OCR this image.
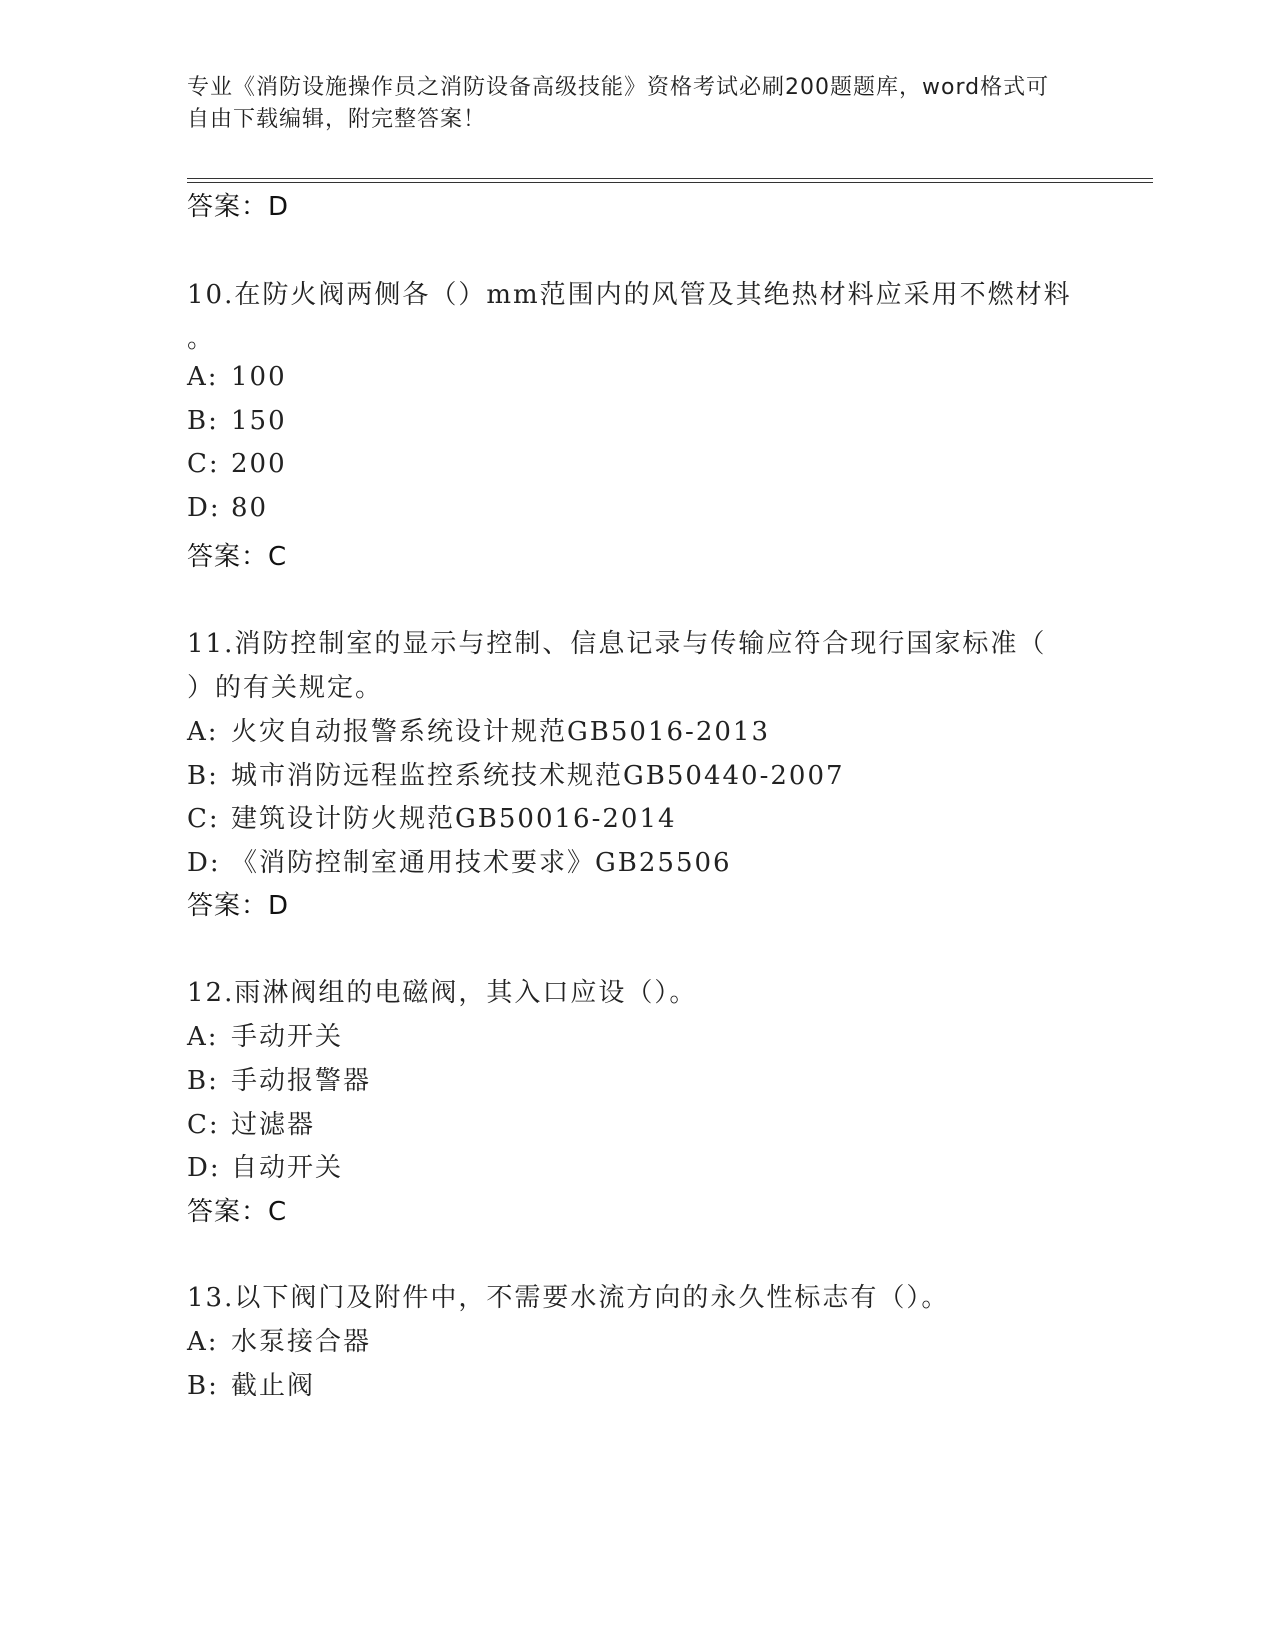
专业《消防设施操作员之消防设备高级技能》资格考试必刷200题题库，word格式可自由下载编辑，附完整答案！
答案：D
10.在防火阀两侧各（）mm范围内的风管及其绝热材料应采用不燃材料
。
A: 100
B: 150
C: 200
D: 80
答案：C
11.消防控制室的显示与控制、信息记录与传输应符合现行国家标准（
）的有关规定。
A: 火灾自动报警系统设计规范GB5016-2013
B: 城市消防远程监控系统技术规范GB50440-2007
C: 建筑设计防火规范GB50016-2014
D: 《消防控制室通用技术要求》GB25506
答案：D
12.雨淋阀组的电磁阀，其入口应设（）。
A: 手动开关
B: 手动报警器
C: 过滤器
D: 自动开关
答案：C
13.以下阀门及附件中，不需要水流方向的永久性标志有（）。
A: 水泵接合器
B: 截止阀
